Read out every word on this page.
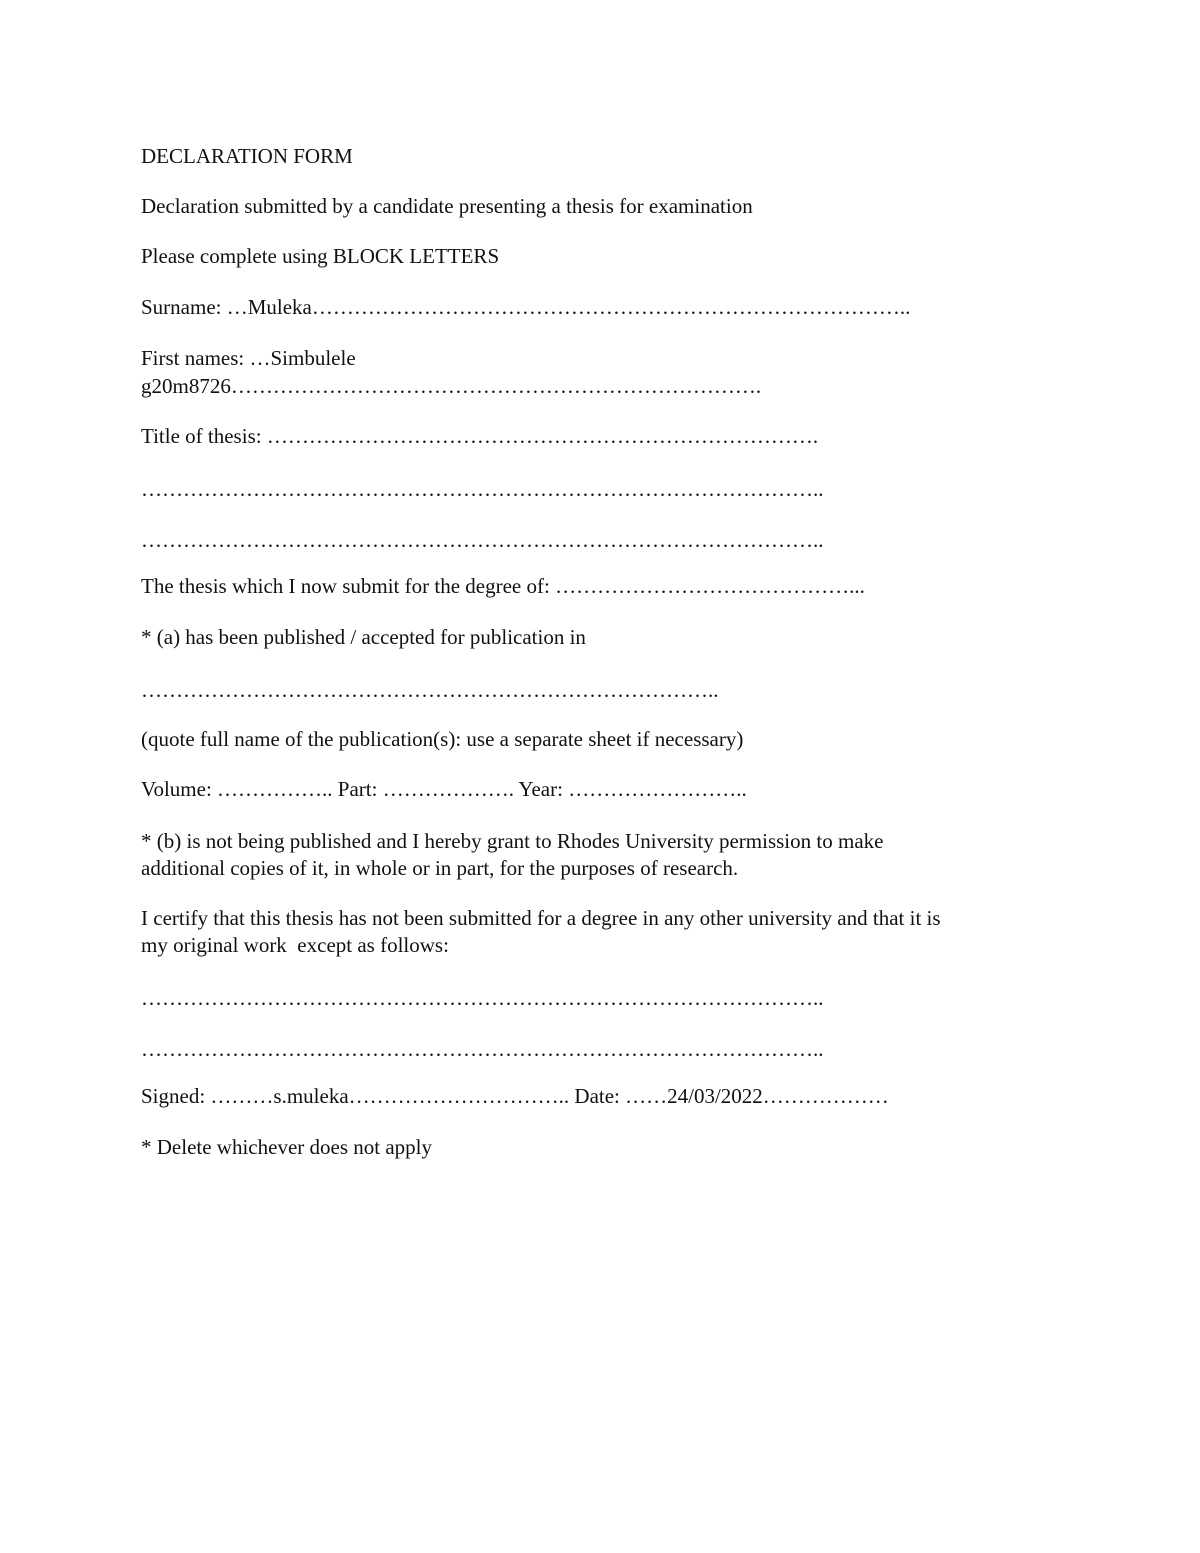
DECLARATION FORM

Declaration submitted by a candidate presenting a thesis for examination

Please complete using BLOCK LETTERS

Surname: …Muleka…………………………………………………………………………..

First names: …Simbulele

g20m8726………………………………………………………………….

Title of thesis: …………………………………………………………………….

……………………………………………………………………………………..

……………………………………………………………………………………..

The thesis which I now submit for the degree of: ……………………………………...

* (a) has been published / accepted for publication in

………………………………………………………………………..

(quote full name of the publication(s): use a separate sheet if necessary)

Volume: …………….. Part: ………………. Year: ……………………..

* (b) is not being published and I hereby grant to Rhodes University permission to make

additional copies of it, in whole or in part, for the purposes of research.

I certify that this thesis has not been submitted for a degree in any other university and that it is

my original work  except as follows:

……………………………………………………………………………………..

……………………………………………………………………………………..

Signed: ………s.muleka………………………….. Date: ……24/03/2022………………

* Delete whichever does not apply
